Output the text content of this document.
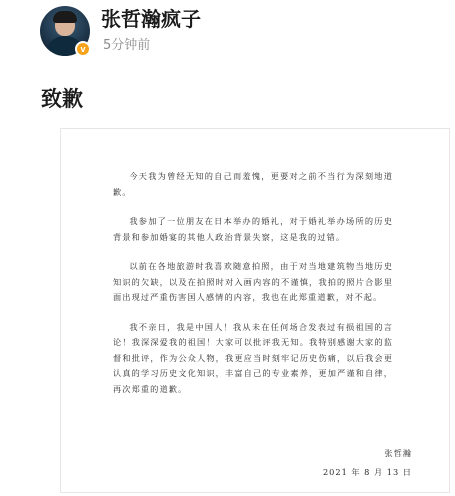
v
张哲瀚疯子
5分钟前
致歉

今天我为曾经无知的自己而羞愧，更要对之前不当行为深刻地道歉。

我参加了一位朋友在日本举办的婚礼，对于婚礼举办场所的历史背景和参加婚宴的其他人政治背景失察，这是我的过错。

以前在各地旅游时我喜欢随意拍照，由于对当地建筑物当地历史知识的欠缺，以及在拍照时对入画内容的不谨慎，我拍的照片合影里面出现过严重伤害国人感情的内容，我也在此郑重道歉，对不起。

我不亲日，我是中国人！我从未在任何场合发表过有损祖国的言论！我深深爱我的祖国！大家可以批评我无知。我特别感谢大家的监督和批评，作为公众人物，我更应当时刻牢记历史伤痛，以后我会更认真的学习历史文化知识，丰富自己的专业素养，更加严谨和自律，再次郑重的道歉。

张哲瀚
2021 年 8 月 13 日
